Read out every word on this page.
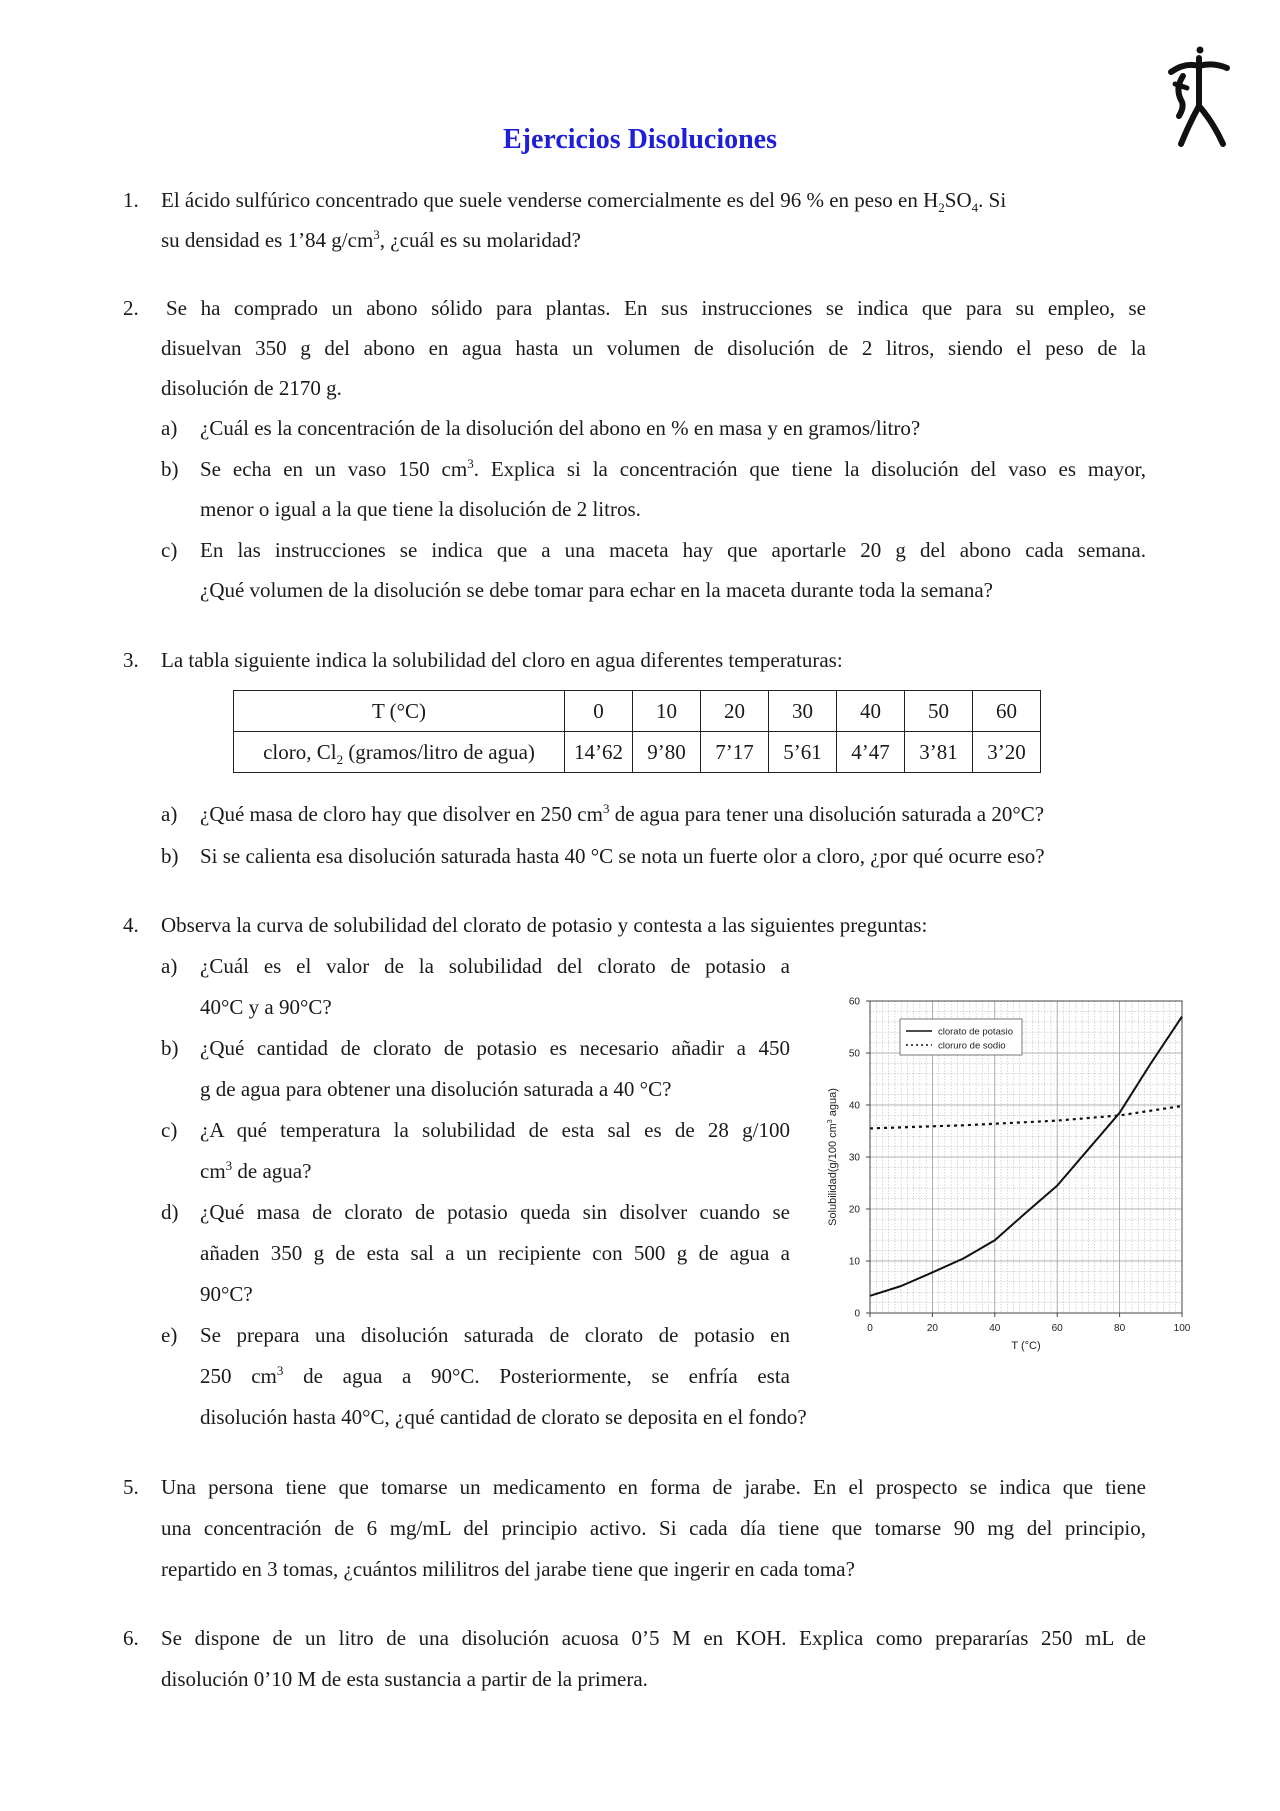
Ejercicios Disoluciones
1. El ácido sulfúrico concentrado que suele venderse comercialmente es del 96 % en peso en $H_2SO_4$. Si
su densidad es 1’84 $g/cm^3$, ¿cuál es su molaridad?
2. Se ha comprado un abono sólido para plantas. En sus instrucciones se indica que para su empleo, se
disuelvan 350 g del abono en agua hasta un volumen de disolución de 2 litros, siendo el peso de la
disolución de 2170 g.
a) ¿Cuál es la concentración de la disolución del abono en % en masa y en gramos/litro?
b) Se echa en un vaso 150 $cm^3$. Explica si la concentración que tiene la disolución del vaso es mayor,
menor o igual a la que tiene la disolución de 2 litros.
c) En las instrucciones se indica que a una maceta hay que aportarle 20 g del abono cada semana.
¿Qué volumen de la disolución se debe tomar para echar en la maceta durante toda la semana?
3. La tabla siguiente indica la solubilidad del cloro en agua diferentes temperaturas:
T (°C)	0	10	20	30	40	50	60
cloro, $Cl_2$ (gramos/litro de agua)	14’62	9’80	7’17	5’61	4’47	3’81	3’20
a) ¿Qué masa de cloro hay que disolver en 250 $cm^3$ de agua para tener una disolución saturada a 20°C?
b) Si se calienta esa disolución saturada hasta 40 °C se nota un fuerte olor a cloro, ¿por qué ocurre eso?
4. Observa la curva de solubilidad del clorato de potasio y contesta a las siguientes preguntas:
a) ¿Cuál es el valor de la solubilidad del clorato de potasio a
40°C y a 90°C?
b) ¿Qué cantidad de clorato de potasio es necesario añadir a 450
g de agua para obtener una disolución saturada a 40 °C?
c) ¿A qué temperatura la solubilidad de esta sal es de 28 g/100
$cm^3$ de agua?
d) ¿Qué masa de clorato de potasio queda sin disolver cuando se
añaden 350 g de esta sal a un recipiente con 500 g de agua a
90°C?
e) Se prepara una disolución saturada de clorato de potasio en
250 $cm^3$ de agua a 90°C. Posteriormente, se enfría esta
disolución hasta 40°C, ¿qué cantidad de clorato se deposita en el fondo?
0	20	40	60	80	100
0
10
20
30
40
50
60
clorato de potasio
cloruro de sodio
T (°C)
Solubilidad(g/100 $cm^3$ agua)
5. Una persona tiene que tomarse un medicamento en forma de jarabe. En el prospecto se indica que tiene
una concentración de 6 mg/mL del principio activo. Si cada día tiene que tomarse 90 mg del principio,
repartido en 3 tomas, ¿cuántos mililitros del jarabe tiene que ingerir en cada toma?
6. Se dispone de un litro de una disolución acuosa 0’5 M en KOH. Explica como prepararías 250 mL de
disolución 0’10 M de esta sustancia a partir de la primera.
